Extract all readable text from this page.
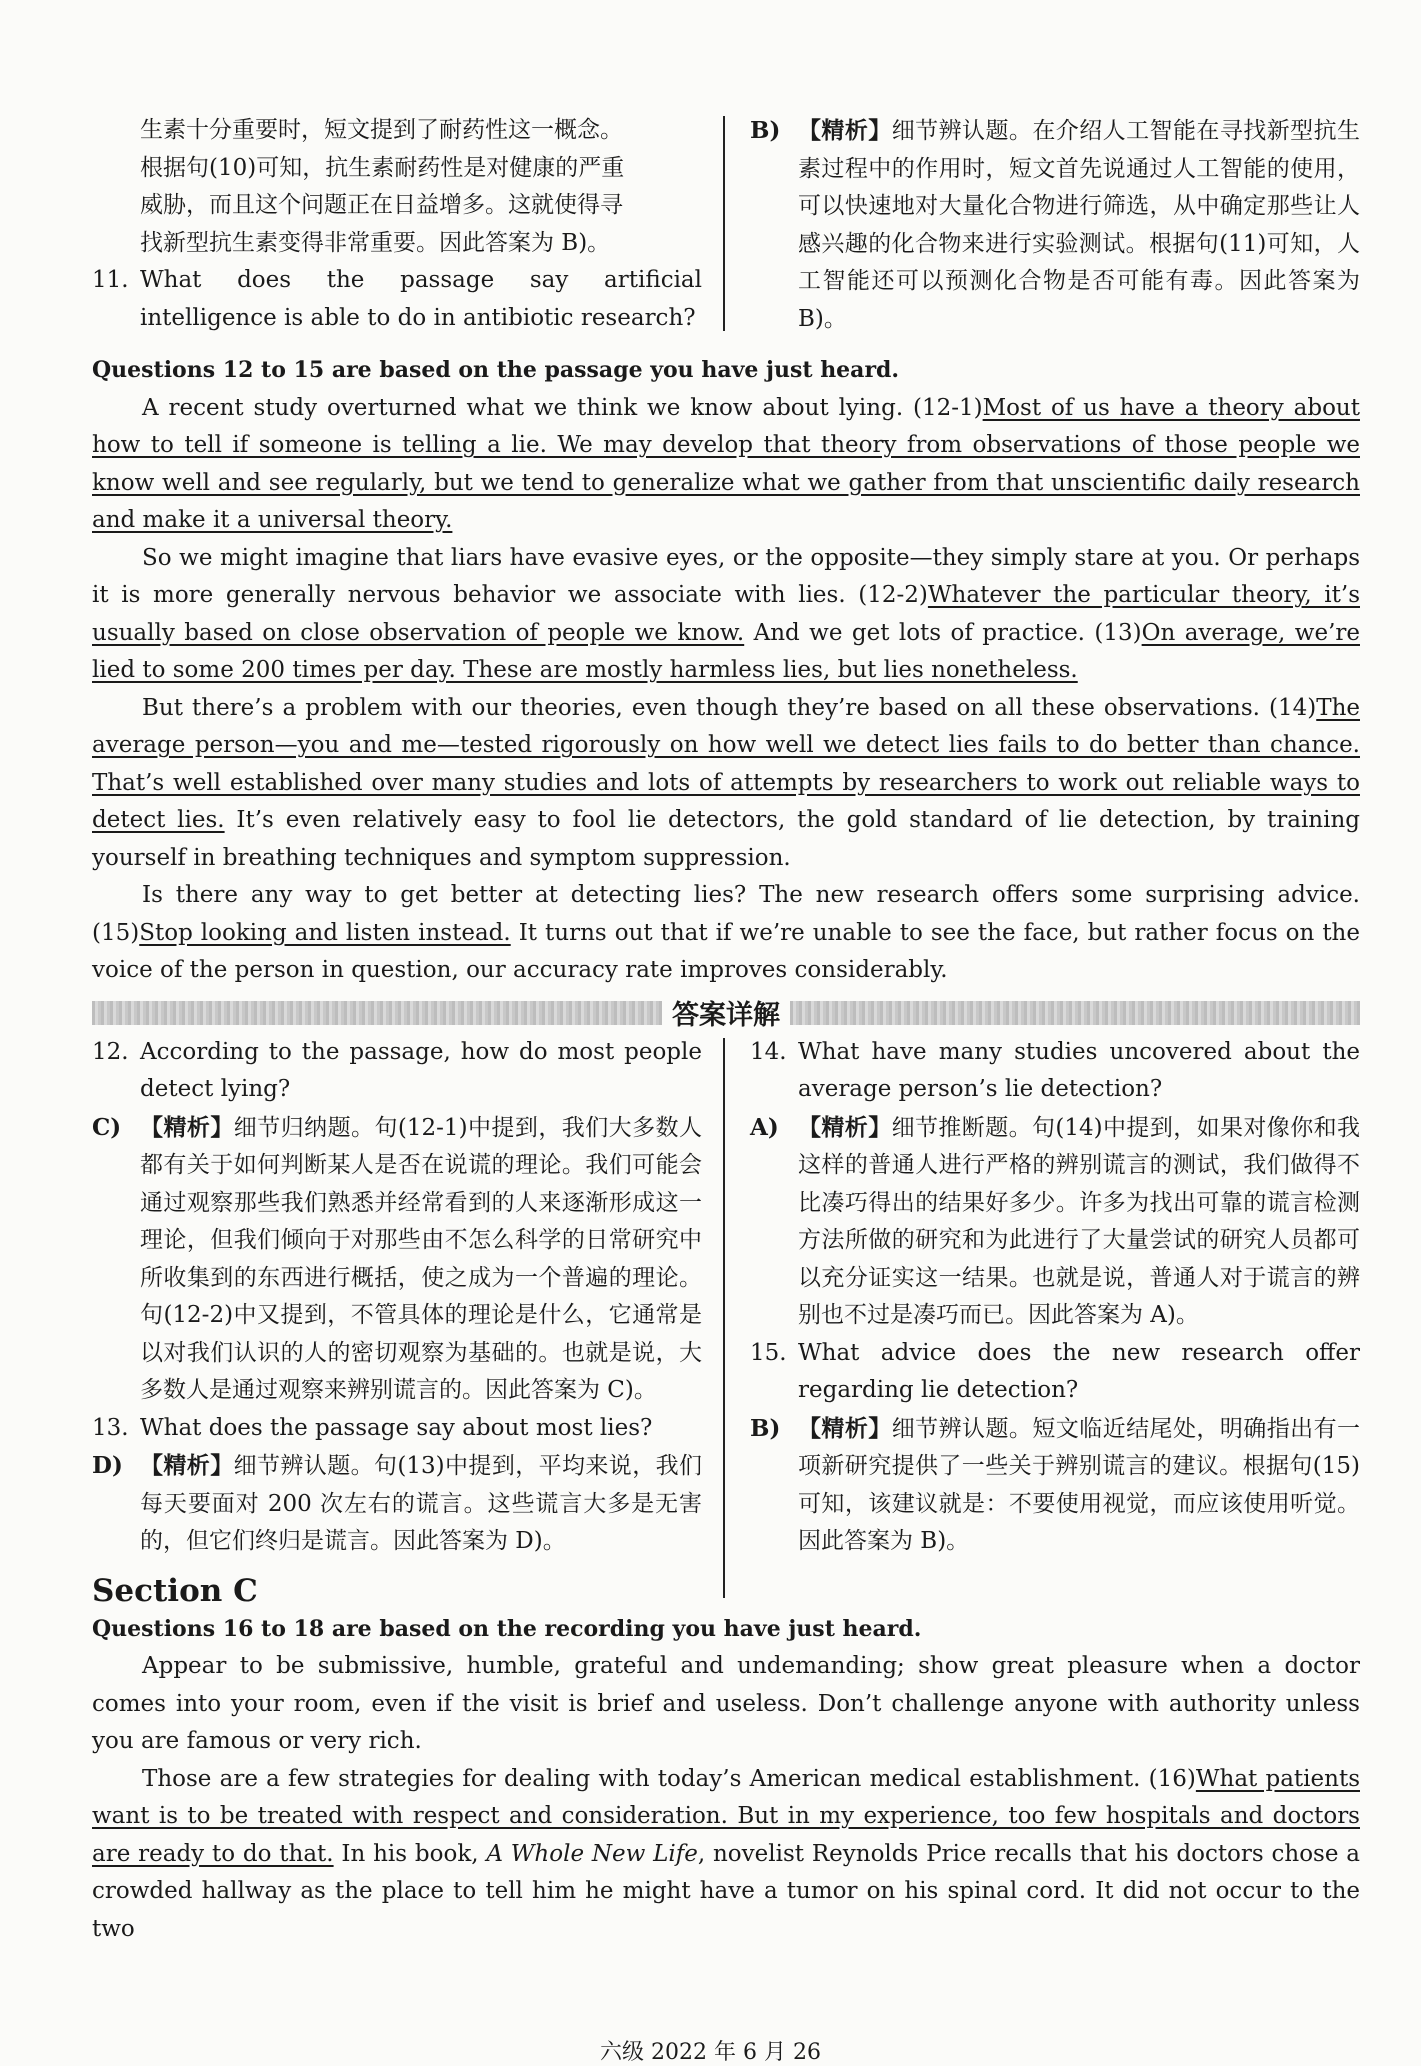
生素十分重要时，短文提到了耐药性这一概念。
根据句(10)可知，抗生素耐药性是对健康的严重
威胁，而且这个问题正在日益增多。这就使得寻
找新型抗生素变得非常重要。因此答案为 B)。
11. What does the passage say artificial intelligence is able to do in antibiotic research?
B) 【精析】细节辨认题。在介绍人工智能在寻找新型抗生素过程中的作用时，短文首先说通过人工智能的使用，可以快速地对大量化合物进行筛选，从中确定那些让人感兴趣的化合物来进行实验测试。根据句(11)可知，人工智能还可以预测化合物是否可能有毒。因此答案为 B)。
Questions 12 to 15 are based on the passage you have just heard.

A recent study overturned what we think we know about lying. (12-1)Most of us have a theory about how to tell if someone is telling a lie. We may develop that theory from observations of those people we know well and see regularly, but we tend to generalize what we gather from that unscientific daily research and make it a universal theory.

So we might imagine that liars have evasive eyes, or the opposite—they simply stare at you. Or perhaps it is more generally nervous behavior we associate with lies. (12-2)Whatever the particular theory, it’s usually based on close observation of people we know. And we get lots of practice. (13)On average, we’re lied to some 200 times per day. These are mostly harmless lies, but lies nonetheless.

But there’s a problem with our theories, even though they’re based on all these observations. (14)The average person—you and me—tested rigorously on how well we detect lies fails to do better than chance. That’s well established over many studies and lots of attempts by researchers to work out reliable ways to detect lies. It’s even relatively easy to fool lie detectors, the gold standard of lie detection, by training yourself in breathing techniques and symptom suppression.

Is there any way to get better at detecting lies? The new research offers some surprising advice. (15)Stop looking and listen instead. It turns out that if we’re unable to see the face, but rather focus on the voice of the person in question, our accuracy rate improves considerably.

答案详解
12. According to the passage, how do most people detect lying?
C) 【精析】细节归纳题。句(12-1)中提到，我们大多数人都有关于如何判断某人是否在说谎的理论。我们可能会通过观察那些我们熟悉并经常看到的人来逐渐形成这一理论，但我们倾向于对那些由不怎么科学的日常研究中所收集到的东西进行概括，使之成为一个普遍的理论。句(12-2)中又提到，不管具体的理论是什么，它通常是以对我们认识的人的密切观察为基础的。也就是说，大多数人是通过观察来辨别谎言的。因此答案为 C)。
13. What does the passage say about most lies?
D) 【精析】细节辨认题。句(13)中提到，平均来说，我们每天要面对 200 次左右的谎言。这些谎言大多是无害的，但它们终归是谎言。因此答案为 D)。
14. What have many studies uncovered about the average person’s lie detection?
A) 【精析】细节推断题。句(14)中提到，如果对像你和我这样的普通人进行严格的辨别谎言的测试，我们做得不比凑巧得出的结果好多少。许多为找出可靠的谎言检测方法所做的研究和为此进行了大量尝试的研究人员都可以充分证实这一结果。也就是说，普通人对于谎言的辨别也不过是凑巧而已。因此答案为 A)。
15. What advice does the new research offer regarding lie detection?
B) 【精析】细节辨认题。短文临近结尾处，明确指出有一项新研究提供了一些关于辨别谎言的建议。根据句(15)可知，该建议就是：不要使用视觉，而应该使用听觉。因此答案为 B)。
Section C
Questions 16 to 18 are based on the recording you have just heard.

Appear to be submissive, humble, grateful and undemanding; show great pleasure when a doctor comes into your room, even if the visit is brief and useless. Don’t challenge anyone with authority unless you are famous or very rich.

Those are a few strategies for dealing with today’s American medical establishment. (16)What patients want is to be treated with respect and consideration. But in my experience, too few hospitals and doctors are ready to do that. In his book, A Whole New Life, novelist Reynolds Price recalls that his doctors chose a crowded hallway as the place to tell him he might have a tumor on his spinal cord. It did not occur to the two

六级 2022 年 6 月 26
